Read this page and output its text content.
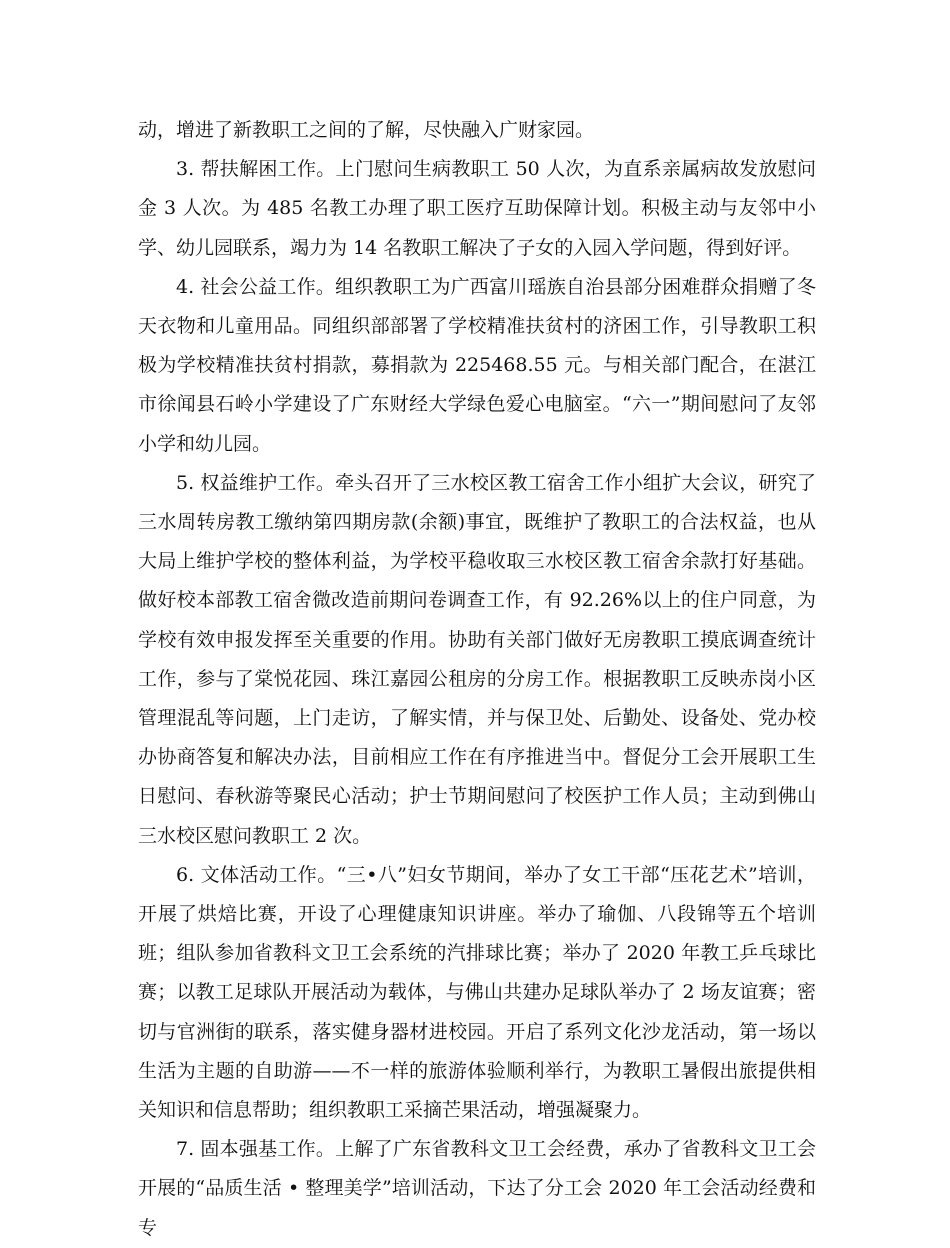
动，增进了新教职工之间的了解，尽快融入广财家园。

3. 帮扶解困工作。上门慰问生病教职工 50 人次，为直系亲属病故发放慰问金 3 人次。为 485 名教工办理了职工医疗互助保障计划。积极主动与友邻中小学、幼儿园联系，竭力为 14 名教职工解决了子女的入园入学问题，得到好评。

4. 社会公益工作。组织教职工为广西富川瑶族自治县部分困难群众捐赠了冬天衣物和儿童用品。同组织部部署了学校精准扶贫村的济困工作，引导教职工积极为学校精准扶贫村捐款，募捐款为 225468.55 元。与相关部门配合，在湛江市徐闻县石岭小学建设了广东财经大学绿色爱心电脑室。“六一”期间慰问了友邻小学和幼儿园。

5. 权益维护工作。牵头召开了三水校区教工宿舍工作小组扩大会议，研究了三水周转房教工缴纳第四期房款(余额)事宜，既维护了教职工的合法权益，也从大局上维护学校的整体利益，为学校平稳收取三水校区教工宿舍余款打好基础。做好校本部教工宿舍微改造前期问卷调查工作，有 92.26%以上的住户同意，为学校有效申报发挥至关重要的作用。协助有关部门做好无房教职工摸底调查统计工作，参与了棠悦花园、珠江嘉园公租房的分房工作。根据教职工反映赤岗小区管理混乱等问题，上门走访，了解实情，并与保卫处、后勤处、设备处、党办校办协商答复和解决办法，目前相应工作在有序推进当中。督促分工会开展职工生日慰问、春秋游等聚民心活动；护士节期间慰问了校医护工作人员；主动到佛山三水校区慰问教职工 2 次。

6. 文体活动工作。“三•八”妇女节期间，举办了女工干部“压花艺术”培训，开展了烘焙比赛，开设了心理健康知识讲座。举办了瑜伽、八段锦等五个培训班；组队参加省教科文卫工会系统的汽排球比赛；举办了 2020 年教工乒乓球比赛；以教工足球队开展活动为载体，与佛山共建办足球队举办了 2 场友谊赛；密切与官洲街的联系，落实健身器材进校园。开启了系列文化沙龙活动，第一场以生活为主题的自助游——不一样的旅游体验顺利举行，为教职工暑假出旅提供相关知识和信息帮助；组织教职工采摘芒果活动，增强凝聚力。

7. 固本强基工作。上解了广东省教科文卫工会经费，承办了省教科文卫工会开展的“品质生活 • 整理美学”培训活动，下达了分工会 2020 年工会活动经费和专
